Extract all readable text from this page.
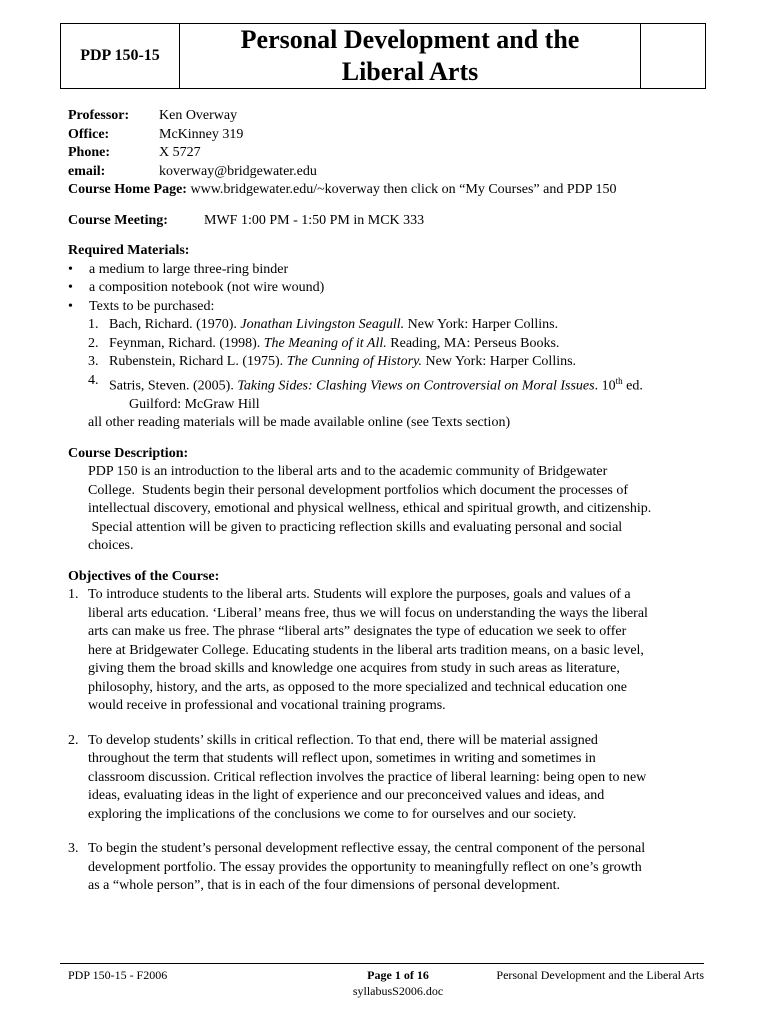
PDP 150-15
Personal Development and the
Liberal Arts
Professor:	Ken Overway
Office:	McKinney 319
Phone:	X 5727
email:	koverway@bridgewater.edu
Course Home Page:
www.bridgewater.edu/~koverway then click on “My Courses” and PDP 150
Course Meeting:	MWF 1:00 PM - 1:50 PM in MCK 333
Required Materials:
•	a medium to large three-ring binder
•	a composition notebook (not wire wound)
•	Texts to be purchased:
1. Bach, Richard. (1970). Jonathan Livingston Seagull. New York: Harper Collins.
2. Feynman, Richard. (1998). The Meaning of it All. Reading, MA: Perseus Books.
3. Rubenstein, Richard L. (1975). The Cunning of History. New York: Harper Collins.
4. Satris, Steven. (2005). Taking Sides: Clashing Views on Controversial on Moral Issues. 10th ed.
Guilford: McGraw Hill
all other reading materials will be made available online (see Texts section)
Course Description:
PDP 150 is an introduction to the liberal arts and to the academic community of Bridgewater
College.  Students begin their personal development portfolios which document the processes of
intellectual discovery, emotional and physical wellness, ethical and spiritual growth, and citizenship.
Special attention will be given to practicing reflection skills and evaluating personal and social
choices.
Objectives of the Course:
1. To introduce students to the liberal arts. Students will explore the purposes, goals and values of a
liberal arts education. ‘Liberal’ means free, thus we will focus on understanding the ways the liberal
arts can make us free. The phrase “liberal arts” designates the type of education we seek to offer
here at Bridgewater College. Educating students in the liberal arts tradition means, on a basic level,
giving them the broad skills and knowledge one acquires from study in such areas as literature,
philosophy, history, and the arts, as opposed to the more specialized and technical education one
would receive in professional and vocational training programs.
2. To develop students’ skills in critical reflection. To that end, there will be material assigned
throughout the term that students will reflect upon, sometimes in writing and sometimes in
classroom discussion. Critical reflection involves the practice of liberal learning: being open to new
ideas, evaluating ideas in the light of experience and our preconceived values and ideas, and
exploring the implications of the conclusions we come to for ourselves and our society.
3. To begin the student’s personal development reflective essay, the central component of the personal
development portfolio. The essay provides the opportunity to meaningfully reflect on one’s growth
as a “whole person”, that is in each of the four dimensions of personal development.
PDP 150-15 - F2006	Page 1 of 16	Personal Development and the Liberal Arts
syllabusS2006.doc
